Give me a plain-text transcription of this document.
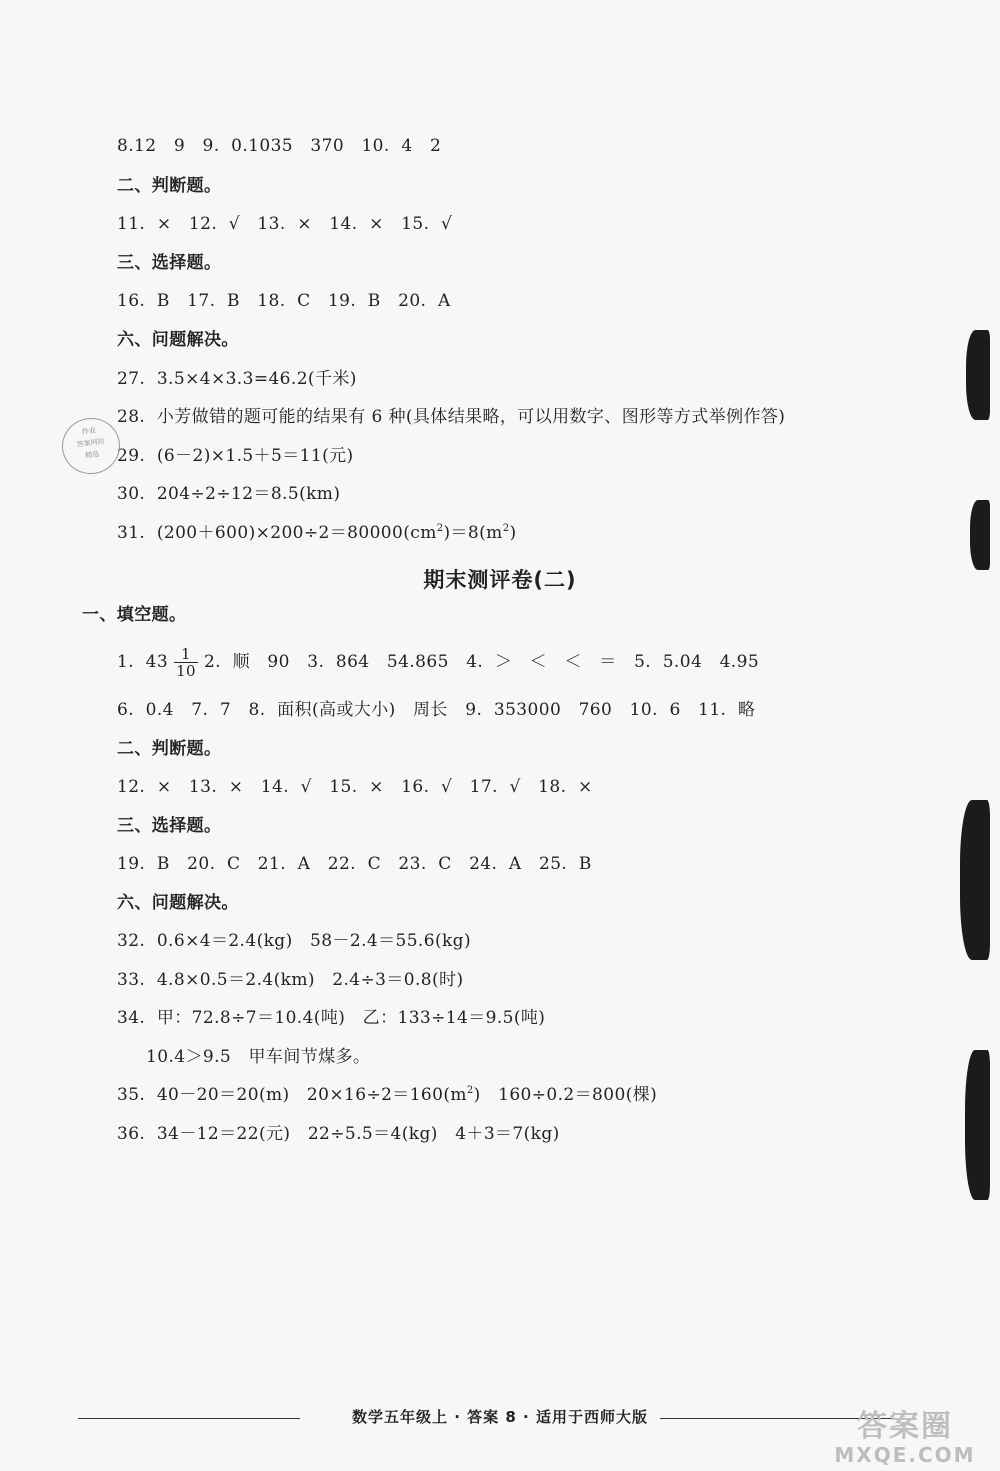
8.12   9   9.  0.1035   370   10.  4   2
二、判断题。
11.  ×   12.  √   13.  ×   14.  ×   15.  √
三、选择题。
16.  B   17.  B   18.  C   19.  B   20.  A
六、问题解决。
27.  3.5×4×3.3=46.2(千米)
28.  小芳做错的题可能的结果有 6 种(具体结果略，可以用数字、图形等方式举例作答)
29.  (6－2)×1.5＋5＝11(元)
30.  204÷2÷12＝8.5(km)
31.  $(200+600)\times 200\div 2=80000(cm^2)=8(m^2)$
作业
答案网站
精选
期末测评卷(二)
一、填空题。
1.  $43 \frac{1}{10} 2$.  顺   90   3.  864   54.865   4.  ＞   ＜   ＜   ＝   5.  5.04   4.95
6.  0.4   7.  7   8.  面积(高或大小)   周长   9.  353000   760   10.  6   11.  略
二、判断题。
12.  ×   13.  ×   14.  √   15.  ×   16.  √   17.  √   18.  ×
三、选择题。
19.  B   20.  C   21.  A   22.  C   23.  C   24.  A   25.  B
六、问题解决。
32.  0.6×4＝2.4(kg)   58－2.4＝55.6(kg)
33.  4.8×0.5＝2.4(km)   2.4÷3＝0.8(时)
34.  甲：72.8÷7＝10.4(吨)   乙：133÷14＝9.5(吨)
10.4＞9.5   甲车间节煤多。
35.  40－20＝20(m)   $20\times 16\div 2=160(m^2)$   160÷0.2＝800(棵)
36.  34－12＝22(元)   22÷5.5＝4(kg)   4＋3＝7(kg)
数学五年级上 · 答案 8 · 适用于西师大版	答案圈
MXQE.COM
